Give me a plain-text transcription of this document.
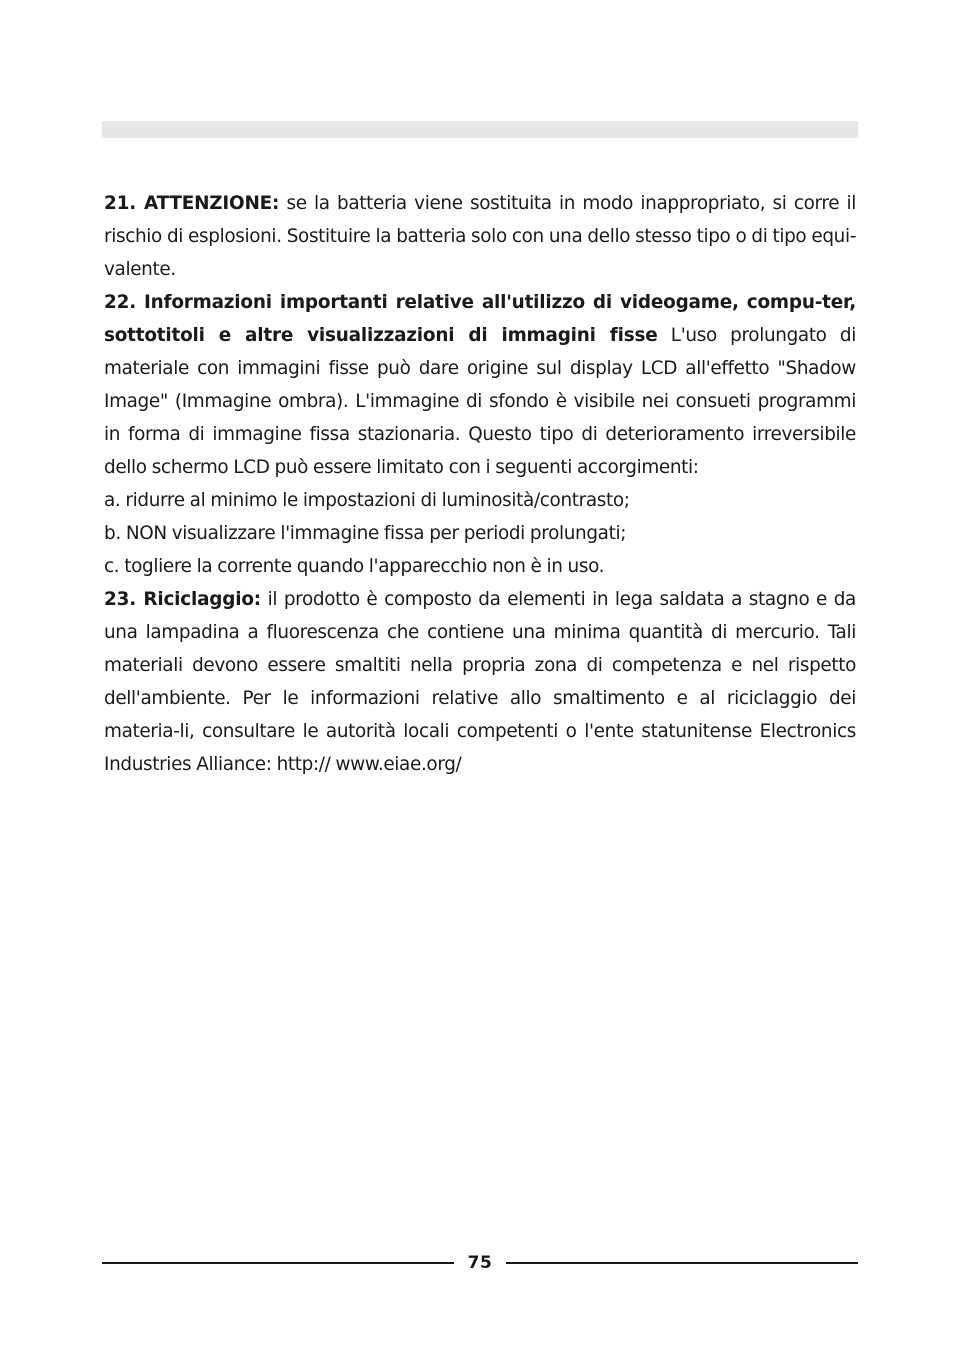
21. ATTENZIONE: se la batteria viene sostituita in modo inappropriato, si corre il rischio di esplosioni. Sostituire la batteria solo con una dello stesso tipo o di tipo equi-valente.

22. Informazioni importanti relative all'utilizzo di videogame, compu-ter, sottotitoli e altre visualizzazioni di immagini fisse L'uso prolungato di materiale con immagini fisse può dare origine sul display LCD all'effetto "Shadow Image" (Immagine ombra). L'immagine di sfondo è visibile nei consueti programmi in forma di immagine fissa stazionaria. Questo tipo di deterioramento irreversibile dello schermo LCD può essere limitato con i seguenti accorgimenti:

a. ridurre al minimo le impostazioni di luminosità/contrasto;

b. NON visualizzare l'immagine fissa per periodi prolungati;

c. togliere la corrente quando l'apparecchio non è in uso.

23. Riciclaggio: il prodotto è composto da elementi in lega saldata a stagno e da una lampadina a fluorescenza che contiene una minima quantità di mercurio. Tali materiali devono essere smaltiti nella propria zona di competenza e nel rispetto dell'ambiente. Per le informazioni relative allo smaltimento e al riciclaggio dei materia-li, consultare le autorità locali competenti o l'ente statunitense Electronics Industries Alliance: http:// www.eiae.org/

75
